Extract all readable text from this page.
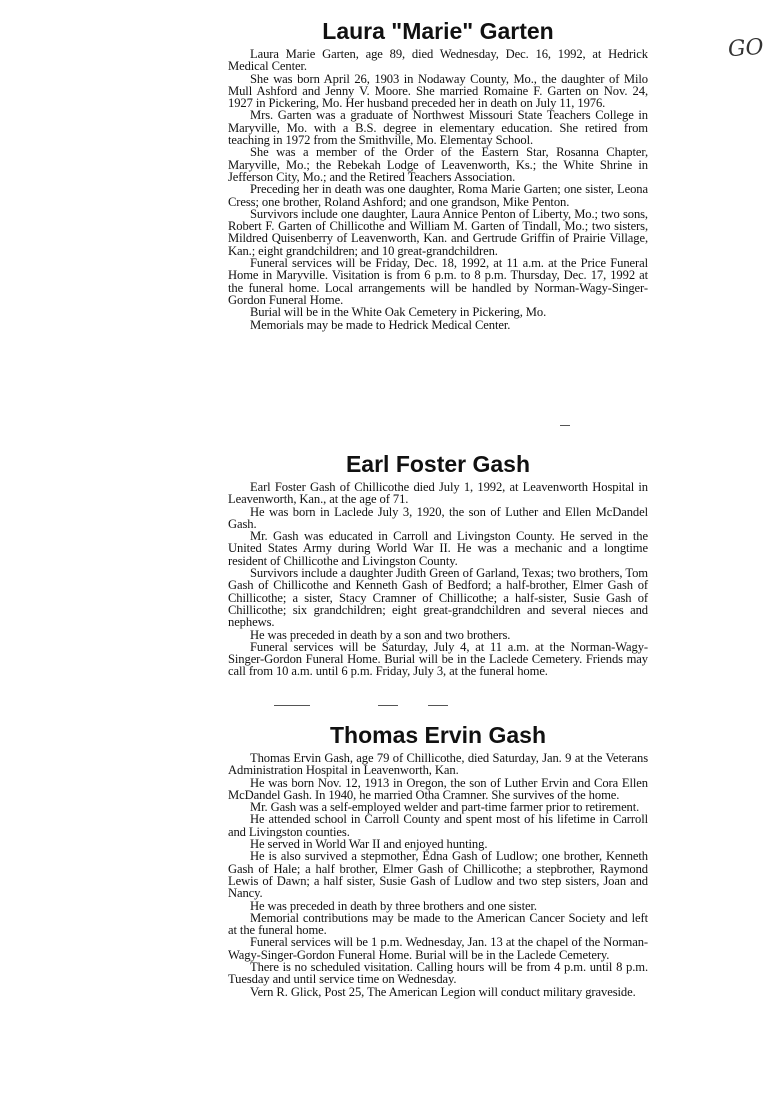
GO
Laura "Marie" Garten

Laura Marie Garten, age 89, died Wednesday, Dec. 16, 1992, at Hedrick Medical Center.

She was born April 26, 1903 in Nodaway County, Mo., the daughter of Milo Mull Ashford and Jenny V. Moore. She married Romaine F. Garten on Nov. 24, 1927 in Pickering, Mo. Her husband preceded her in death on July 11, 1976.

Mrs. Garten was a graduate of Northwest Missouri State Teachers College in Maryville, Mo. with a B.S. degree in elementary education. She retired from teaching in 1972 from the Smithville, Mo. Elementay School.

She was a member of the Order of the Eastern Star, Rosanna Chapter, Maryville, Mo.; the Rebekah Lodge of Leavenworth, Ks.; the White Shrine in Jefferson City, Mo.; and the Retired Teachers Association.

Preceding her in death was one daughter, Roma Marie Garten; one sister, Leona Cress; one brother, Roland Ashford; and one grandson, Mike Penton.

Survivors include one daughter, Laura Annice Penton of Liberty, Mo.; two sons, Robert F. Garten of Chillicothe and William M. Garten of Tindall, Mo.; two sisters, Mildred Quisenberry of Leavenworth, Kan. and Gertrude Griffin of Prairie Village, Kan.; eight grandchildren; and 10 great-grandchildren.

Funeral services will be Friday, Dec. 18, 1992, at 11 a.m. at the Price Funeral Home in Maryville. Visitation is from 6 p.m. to 8 p.m. Thursday, Dec. 17, 1992 at the funeral home. Local arrangements will be handled by Norman-Wagy-Singer-Gordon Funeral Home.

Burial will be in the White Oak Cemetery in Pickering, Mo.

Memorials may be made to Hedrick Medical Center.

Earl Foster Gash

Earl Foster Gash of Chillicothe died July 1, 1992, at Leavenworth Hospital in Leavenworth, Kan., at the age of 71.

He was born in Laclede July 3, 1920, the son of Luther and Ellen McDandel Gash.

Mr. Gash was educated in Carroll and Livingston County. He served in the United States Army during World War II. He was a mechanic and a longtime resident of Chillicothe and Livingston County.

Survivors include a daughter Judith Green of Garland, Texas; two brothers, Tom Gash of Chillicothe and Kenneth Gash of Bedford; a half-brother, Elmer Gash of Chillicothe; a sister, Stacy Cramner of Chillicothe; a half-sister, Susie Gash of Chillicothe; six grandchildren; eight great-grandchildren and several nieces and nephews.

He was preceded in death by a son and two brothers.

Funeral services will be Saturday, July 4, at 11 a.m. at the Norman-Wagy-Singer-Gordon Funeral Home. Burial will be in the Laclede Cemetery. Friends may call from 10 a.m. until 6 p.m. Friday, July 3, at the funeral home.

Thomas Ervin Gash

Thomas Ervin Gash, age 79 of Chillicothe, died Saturday, Jan. 9 at the Veterans Administration Hospital in Leavenworth, Kan.

He was born Nov. 12, 1913 in Oregon, the son of Luther Ervin and Cora Ellen McDandel Gash. In 1940, he married Otha Cramner. She survives of the home.

Mr. Gash was a self-employed welder and part-time farmer prior to retirement.

He attended school in Carroll County and spent most of his lifetime in Carroll and Livingston counties.

He served in World War II and enjoyed hunting.

He is also survived a stepmother, Edna Gash of Ludlow; one brother, Kenneth Gash of Hale; a half brother, Elmer Gash of Chillicothe; a stepbrother, Raymond Lewis of Dawn; a half sister, Susie Gash of Ludlow and two step sisters, Joan and Nancy.

He was preceded in death by three brothers and one sister.

Memorial contributions may be made to the American Cancer Society and left at the funeral home.

Funeral services will be 1 p.m. Wednesday, Jan. 13 at the chapel of the Norman-Wagy-Singer-Gordon Funeral Home. Burial will be in the Laclede Cemetery.

There is no scheduled visitation. Calling hours will be from 4 p.m. until 8 p.m. Tuesday and until service time on Wednesday.

Vern R. Glick, Post 25, The American Legion will conduct military graveside.
